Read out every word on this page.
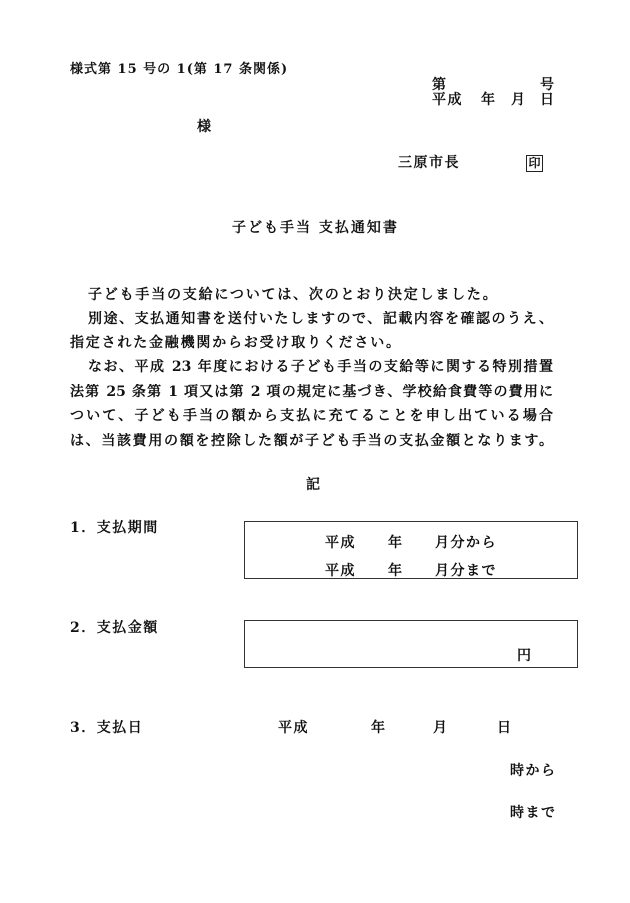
様式第 15 号の 1(第 17 条関係)
第	号
平成 年 月 日
様
三原市長	印
子ども手当 支払通知書
子ども手当の支給については、次のとおり決定しました。
別途、支払通知書を送付いたしますので、記載内容を確認のうえ、
指定された金融機関からお受け取りください。
なお、平成 23 年度における子ども手当の支給等に関する特別措置
法第 25 条第 1 項又は第 2 項の規定に基づき、学校給食費等の費用に
ついて、子ども手当の額から支払に充てることを申し出ている場合
は、当該費用の額を控除した額が子ども手当の支払金額となります。
記
1．支払期間
平成 年 月分から
平成 年 月分まで
2．支払金額
円
3．支払日	平成	年	月	日
時から
時まで
